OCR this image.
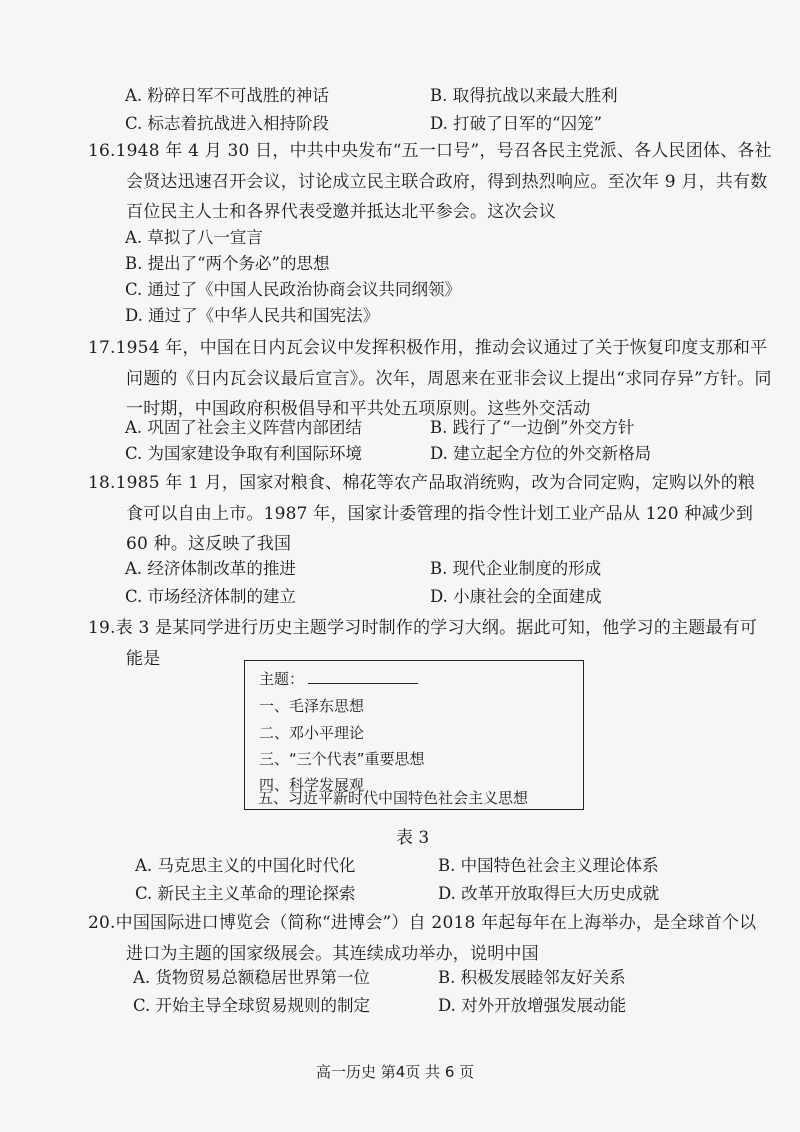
A. 粉碎日军不可战胜的神话	B. 取得抗战以来最大胜利
C. 标志着抗战进入相持阶段	D. 打破了日军的“囚笼”
16.1948 年 4 月 30 日，中共中央发布“五一口号”，号召各民主党派、各人民团体、各社会贤达迅速召开会议，讨论成立民主联合政府，得到热烈响应。至次年 9 月，共有数百位民主人士和各界代表受邀并抵达北平参会。这次会议
A. 草拟了八一宣言
B. 提出了“两个务必”的思想
C. 通过了《中国人民政治协商会议共同纲领》
D. 通过了《中华人民共和国宪法》
17.1954 年，中国在日内瓦会议中发挥积极作用，推动会议通过了关于恢复印度支那和平问题的《日内瓦会议最后宣言》。次年，周恩来在亚非会议上提出“求同存异”方针。同一时期，中国政府积极倡导和平共处五项原则。这些外交活动
A. 巩固了社会主义阵营内部团结	B. 践行了“一边倒”外交方针
C. 为国家建设争取有利国际环境	D. 建立起全方位的外交新格局
18.1985 年 1 月，国家对粮食、棉花等农产品取消统购，改为合同定购，定购以外的粮食可以自由上市。1987 年，国家计委管理的指令性计划工业产品从 120 种减少到 60 种。这反映了我国
A. 经济体制改革的推进	B. 现代企业制度的形成
C. 市场经济体制的建立	D. 小康社会的全面建成
19.表 3 是某同学进行历史主题学习时制作的学习大纲。据此可知，他学习的主题最有可能是
主题：
一、毛泽东思想
二、邓小平理论
三、“三个代表”重要思想
四、科学发展观
五、习近平新时代中国特色社会主义思想
表 3
A. 马克思主义的中国化时代化	B. 中国特色社会主义理论体系
C. 新民主主义革命的理论探索	D. 改革开放取得巨大历史成就
20.中国国际进口博览会（简称“进博会”）自 2018 年起每年在上海举办，是全球首个以进口为主题的国家级展会。其连续成功举办，说明中国
A. 货物贸易总额稳居世界第一位	B. 积极发展睦邻友好关系
C. 开始主导全球贸易规则的制定	D. 对外开放增强发展动能
高一历史 第4页 共 6 页
